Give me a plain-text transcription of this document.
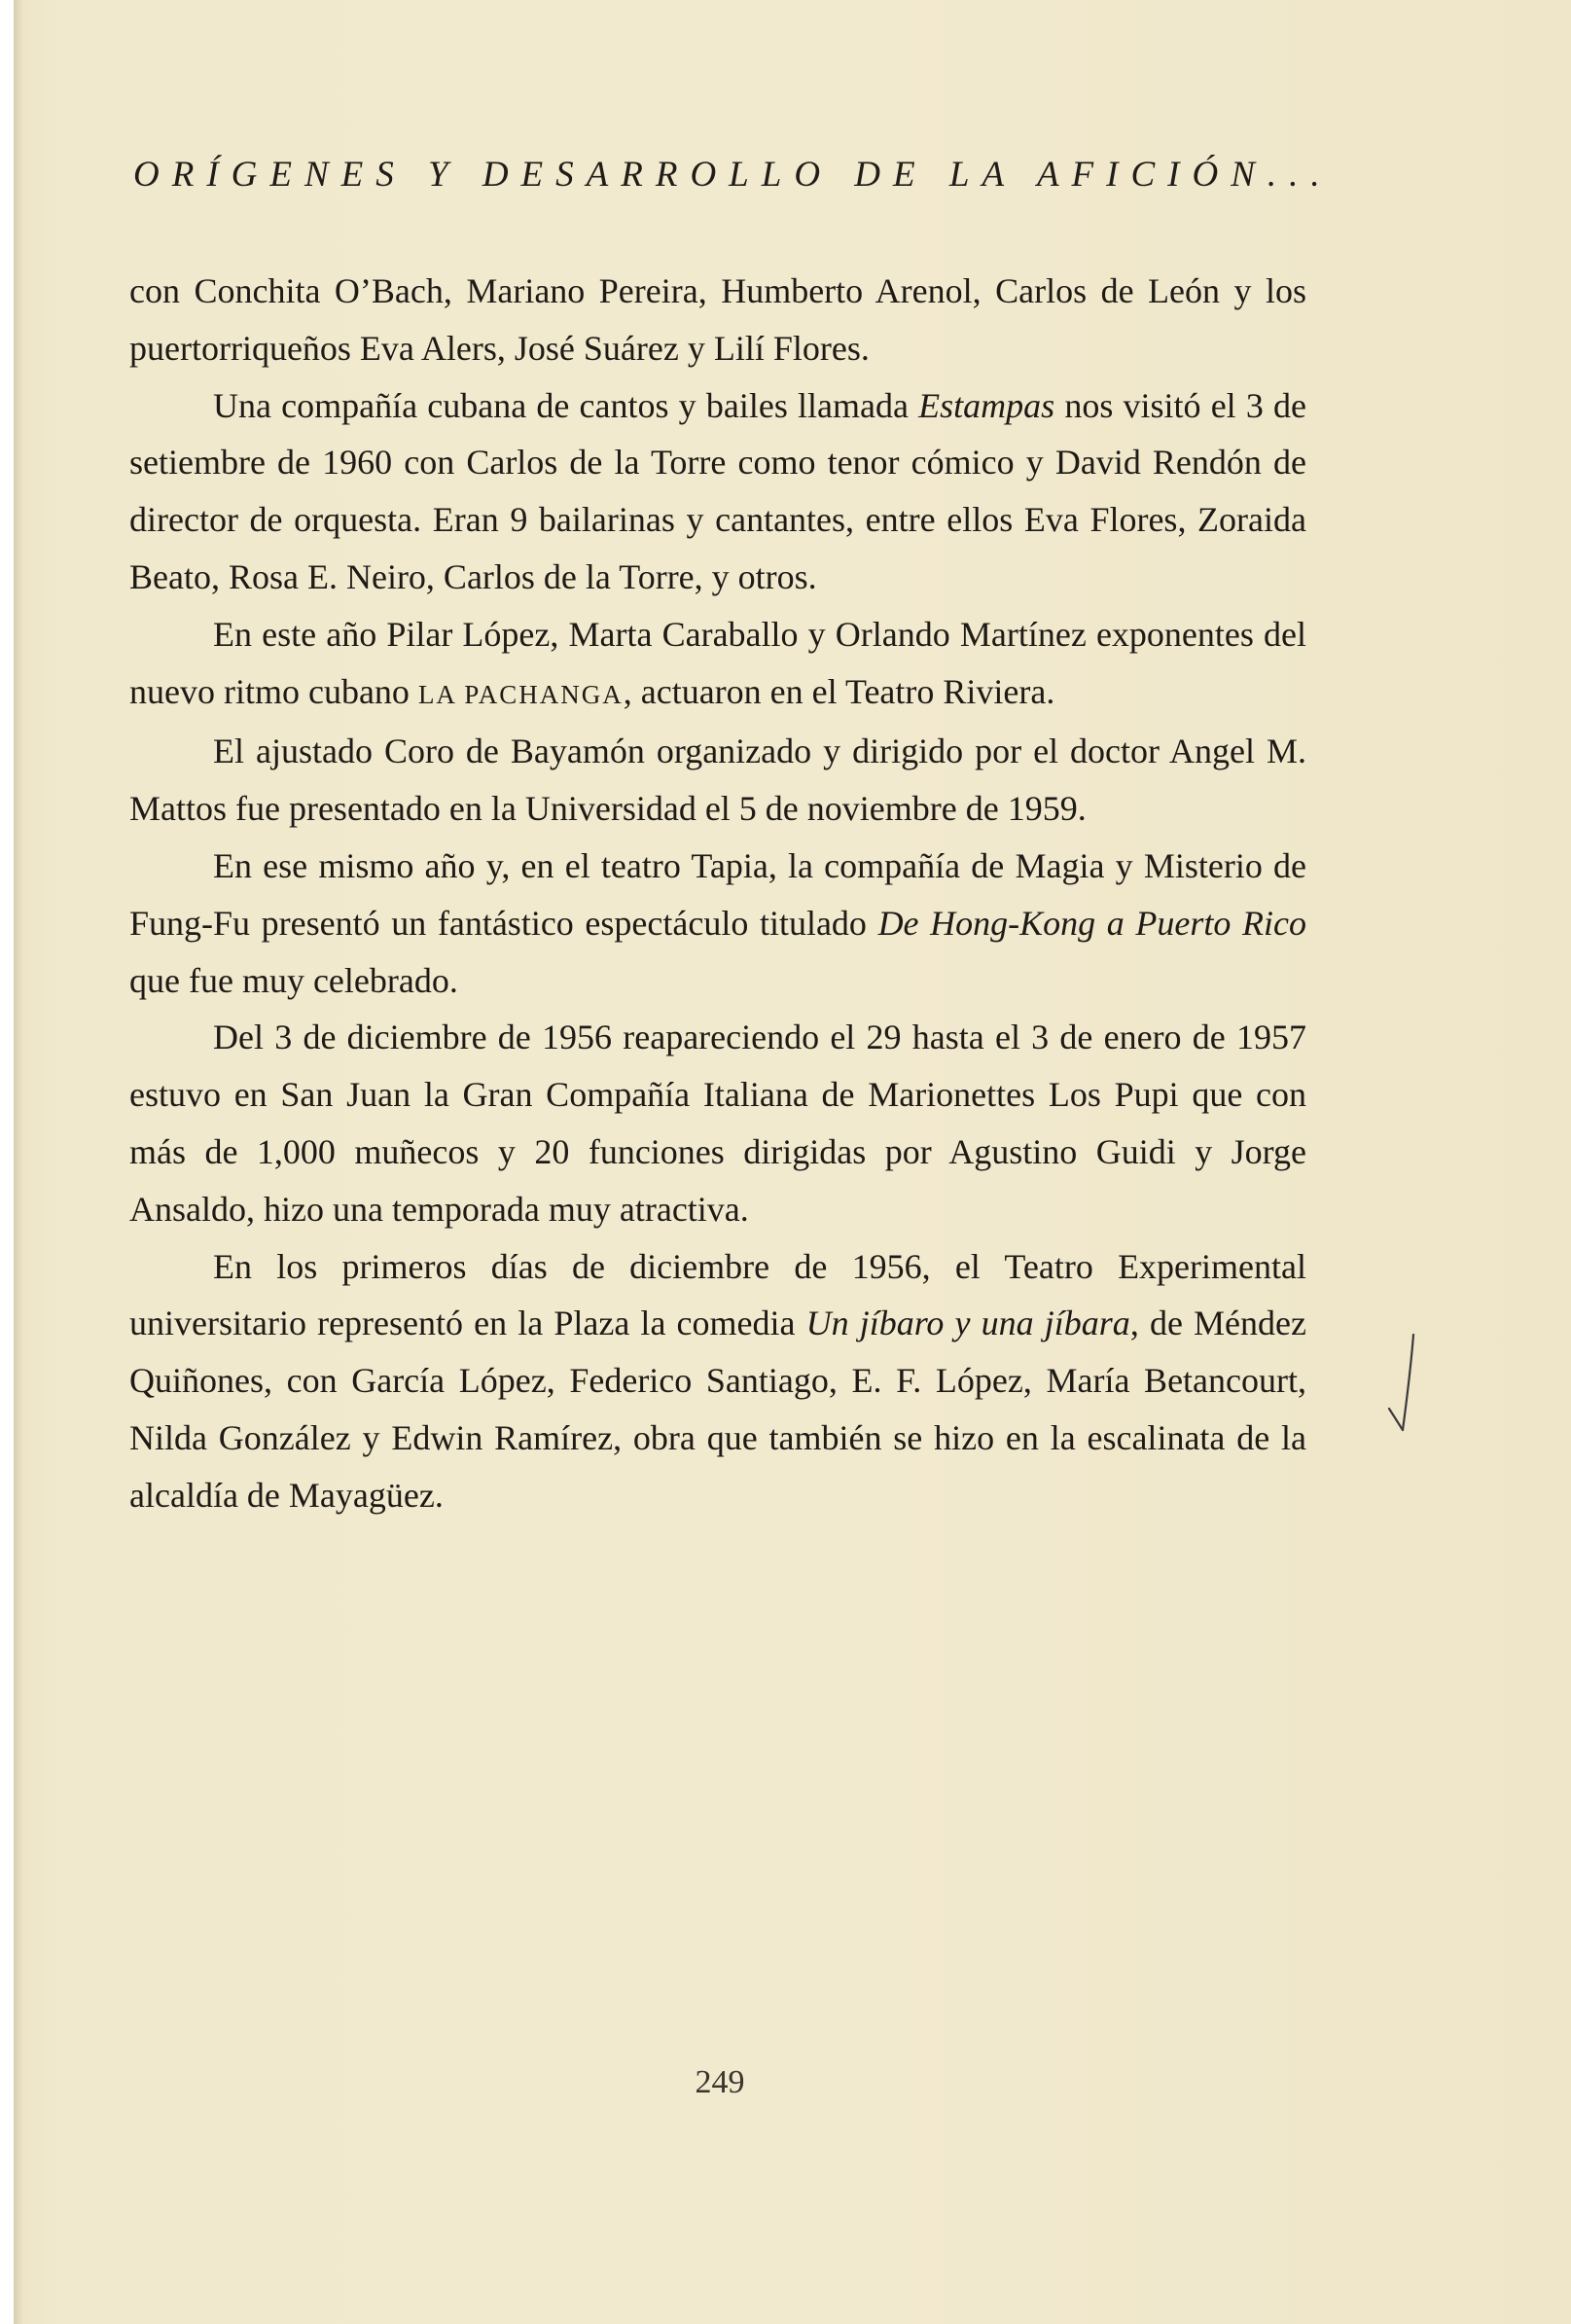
ORÍGENES Y DESARROLLO DE LA AFICIÓN...

con Conchita O’Bach, Mariano Pereira, Humberto Arenol, Carlos de León y los puertorriqueños Eva Alers, José Suárez y Lilí Flores.

Una compañía cubana de cantos y bailes llamada Estampas nos visitó el 3 de setiembre de 1960 con Carlos de la Torre como tenor cómico y David Rendón de director de orquesta. Eran 9 bailarinas y cantantes, entre ellos Eva Flores, Zoraida Beato, Rosa E. Neiro, Carlos de la Torre, y otros.

En este año Pilar López, Marta Caraballo y Orlando Martínez exponentes del nuevo ritmo cubano LA PACHANGA, actuaron en el Teatro Riviera.

El ajustado Coro de Bayamón organizado y dirigido por el doctor Angel M. Mattos fue presentado en la Universidad el 5 de noviembre de 1959.

En ese mismo año y, en el teatro Tapia, la compañía de Magia y Misterio de Fung-Fu presentó un fantástico espectáculo titulado De Hong-Kong a Puerto Rico que fue muy celebrado.

Del 3 de diciembre de 1956 reapareciendo el 29 hasta el 3 de enero de 1957 estuvo en San Juan la Gran Compañía Italiana de Marionettes Los Pupi que con más de 1,000 muñecos y 20 funciones dirigidas por Agustino Guidi y Jorge Ansaldo, hizo una temporada muy atractiva.

En los primeros días de diciembre de 1956, el Teatro Experimental universitario representó en la Plaza la comedia Un jíbaro y una jíbara, de Méndez Quiñones, con García López, Federico Santiago, E. F. López, María Betancourt, Nilda González y Edwin Ramírez, obra que también se hizo en la escalinata de la alcaldía de Mayagüez.

249
